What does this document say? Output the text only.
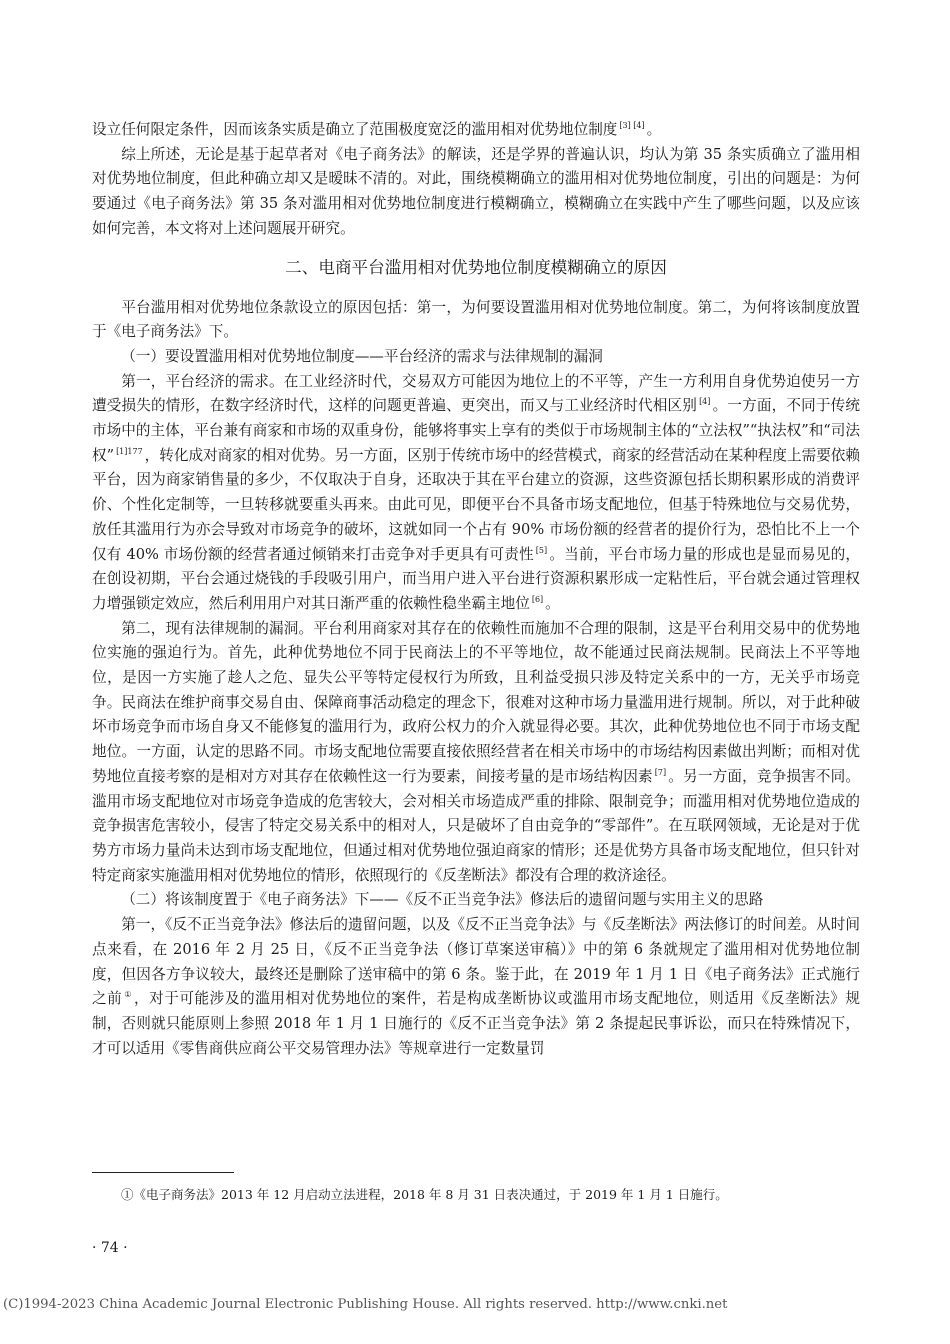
设立任何限定条件，因而该条实质是确立了范围极度宽泛的滥用相对优势地位制度 [3] [4] 。

综上所述，无论是基于起草者对《电子商务法》的解读，还是学界的普遍认识，均认为第 35 条实质确立了滥用相对优势地位制度，但此种确立却又是暧昧不清的。对此，围绕模糊确立的滥用相对优势地位制度，引出的问题是：为何要通过《电子商务法》第 35 条对滥用相对优势地位制度进行模糊确立，模糊确立在实践中产生了哪些问题，以及应该如何完善，本文将对上述问题展开研究。

二、电商平台滥用相对优势地位制度模糊确立的原因

平台滥用相对优势地位条款设立的原因包括：第一，为何要设置滥用相对优势地位制度。第二，为何将该制度放置于《电子商务法》下。

（一）要设置滥用相对优势地位制度——平台经济的需求与法律规制的漏洞

第一，平台经济的需求。在工业经济时代，交易双方可能因为地位上的不平等，产生一方利用自身优势迫使另一方遭受损失的情形，在数字经济时代，这样的问题更普遍、更突出，而又与工业经济时代相区别 [4] 。一方面，不同于传统市场中的主体，平台兼有商家和市场的双重身份，能够将事实上享有的类似于市场规制主体的“立法权”“执法权”和“司法权” $^{[1]177}$ ，转化成对商家的相对优势。另一方面，区别于传统市场中的经营模式，商家的经营活动在某种程度上需要依赖平台，因为商家销售量的多少，不仅取决于自身，还取决于其在平台建立的资源，这些资源包括长期积累形成的消费评价、个性化定制等，一旦转移就要重头再来。由此可见，即便平台不具备市场支配地位，但基于特殊地位与交易优势，放任其滥用行为亦会导致对市场竞争的破坏，这就如同一个占有 90% 市场份额的经营者的提价行为，恐怕比不上一个仅有 40% 市场份额的经营者通过倾销来打击竞争对手更具有可责性 [5] 。当前，平台市场力量的形成也是显而易见的，在创设初期，平台会通过烧钱的手段吸引用户，而当用户进入平台进行资源积累形成一定粘性后，平台就会通过管理权力增强锁定效应，然后利用用户对其日渐严重的依赖性稳坐霸主地位 [6] 。

第二，现有法律规制的漏洞。平台利用商家对其存在的依赖性而施加不合理的限制，这是平台利用交易中的优势地位实施的强迫行为。首先，此种优势地位不同于民商法上的不平等地位，故不能通过民商法规制。民商法上不平等地位，是因一方实施了趁人之危、显失公平等特定侵权行为所致，且利益受损只涉及特定关系中的一方，无关乎市场竞争。民商法在维护商事交易自由、保障商事活动稳定的理念下，很难对这种市场力量滥用进行规制。所以，对于此种破坏市场竞争而市场自身又不能修复的滥用行为，政府公权力的介入就显得必要。其次，此种优势地位也不同于市场支配地位。一方面，认定的思路不同。市场支配地位需要直接依照经营者在相关市场中的市场结构因素做出判断；而相对优势地位直接考察的是相对方对其存在依赖性这一行为要素，间接考量的是市场结构因素 [7] 。另一方面，竞争损害不同。滥用市场支配地位对市场竞争造成的危害较大，会对相关市场造成严重的排除、限制竞争；而滥用相对优势地位造成的竞争损害危害较小，侵害了特定交易关系中的相对人，只是破坏了自由竞争的“零部件”。在互联网领域，无论是对于优势方市场力量尚未达到市场支配地位，但通过相对优势地位强迫商家的情形；还是优势方具备市场支配地位，但只针对特定商家实施滥用相对优势地位的情形，依照现行的《反垄断法》都没有合理的救济途径。

（二）将该制度置于《电子商务法》下——《反不正当竞争法》修法后的遗留问题与实用主义的思路

第一，《反不正当竞争法》修法后的遗留问题，以及《反不正当竞争法》与《反垄断法》两法修订的时间差。从时间点来看，在 2016 年 2 月 25 日，《反不正当竞争法（修订草案送审稿）》中的第 6 条就规定了滥用相对优势地位制度，但因各方争议较大，最终还是删除了送审稿中的第 6 条。鉴于此，在 2019 年 1 月 1 日《电子商务法》正式施行之前 ① ，对于可能涉及的滥用相对优势地位的案件，若是构成垄断协议或滥用市场支配地位，则适用《反垄断法》规制，否则就只能原则上参照 2018 年 1 月 1 日施行的《反不正当竞争法》第 2 条提起民事诉讼，而只在特殊情况下，才可以适用《零售商供应商公平交易管理办法》等规章进行一定数量罚

①《电子商务法》2013 年 12 月启动立法进程，2018 年 8 月 31 日表决通过，于 2019 年 1 月 1 日施行。
· 74 ·
(C)1994-2023 China Academic Journal Electronic Publishing House. All rights reserved. http://www.cnki.net
